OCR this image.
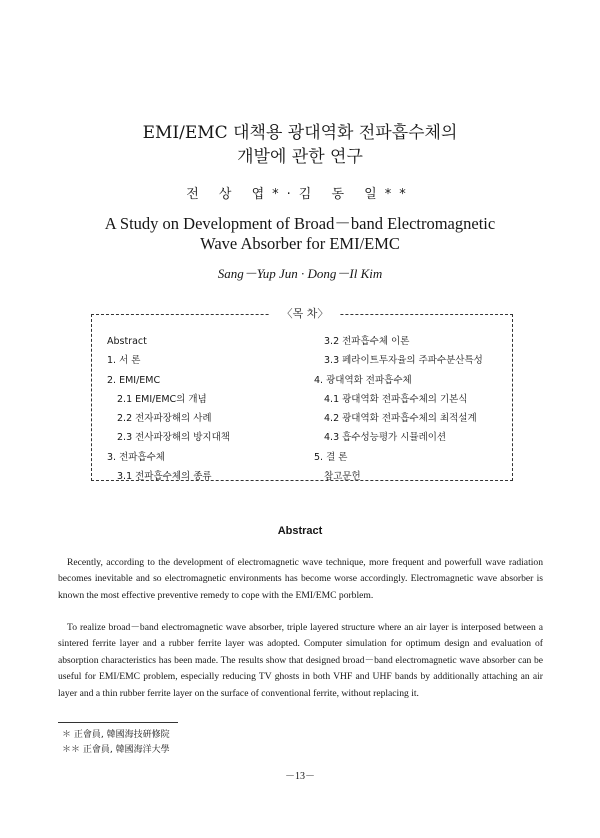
EMI/EMC 대책용 광대역화 전파흡수체의
개발에 관한 연구
전 상 엽*·김 동 일**
A Study on Development of Broad－band Electromagnetic
Wave Absorber for EMI/EMC
Sang－Yup Jun · Dong－Il Kim
〈목 차〉
Abstract
1. 서 론
2. EMI/EMC
2.1 EMI/EMC의 개념
2.2 전자파장해의 사례
2.3 전사파장해의 방지대책
3. 전파흡수체
3.1 전파흡수체의 종류
3.2 전파흡수체 이론
3.3 페라이트투자율의 주파수분산특성
4. 광대역화 전파흡수체
4.1 광대역화 전파흡수체의 기본식
4.2 광대역화 전파흡수체의 최적설계
4.3 흡수성능평가 시뮬레이션
5. 결 론
참고문헌
Abstract
Recently, according to the development of electromagnetic wave technique, more frequent and powerfull wave radiation becomes inevitable and so electromagnetic environments has become worse accordingly. Electromagnetic wave absorber is known the most effective preventive remedy to cope with the EMI/EMC porblem.
To realize broad－band electromagnetic wave absorber, triple layered structure where an air layer is interposed between a sintered ferrite layer and a rubber ferrite layer was adopted. Computer simulation for optimum design and evaluation of absorption characteristics has been made. The results show that designed broad－band electromagnetic wave absorber can be useful for EMI/EMC problem, especially reducing TV ghosts in both VHF and UHF bands by additionally attaching an air layer and a thin rubber ferrite layer on the surface of conventional ferrite, without replacing it.
＊ 正會員, 韓國海技硏修院
＊＊ 正會員, 韓國海洋大學
－13－
